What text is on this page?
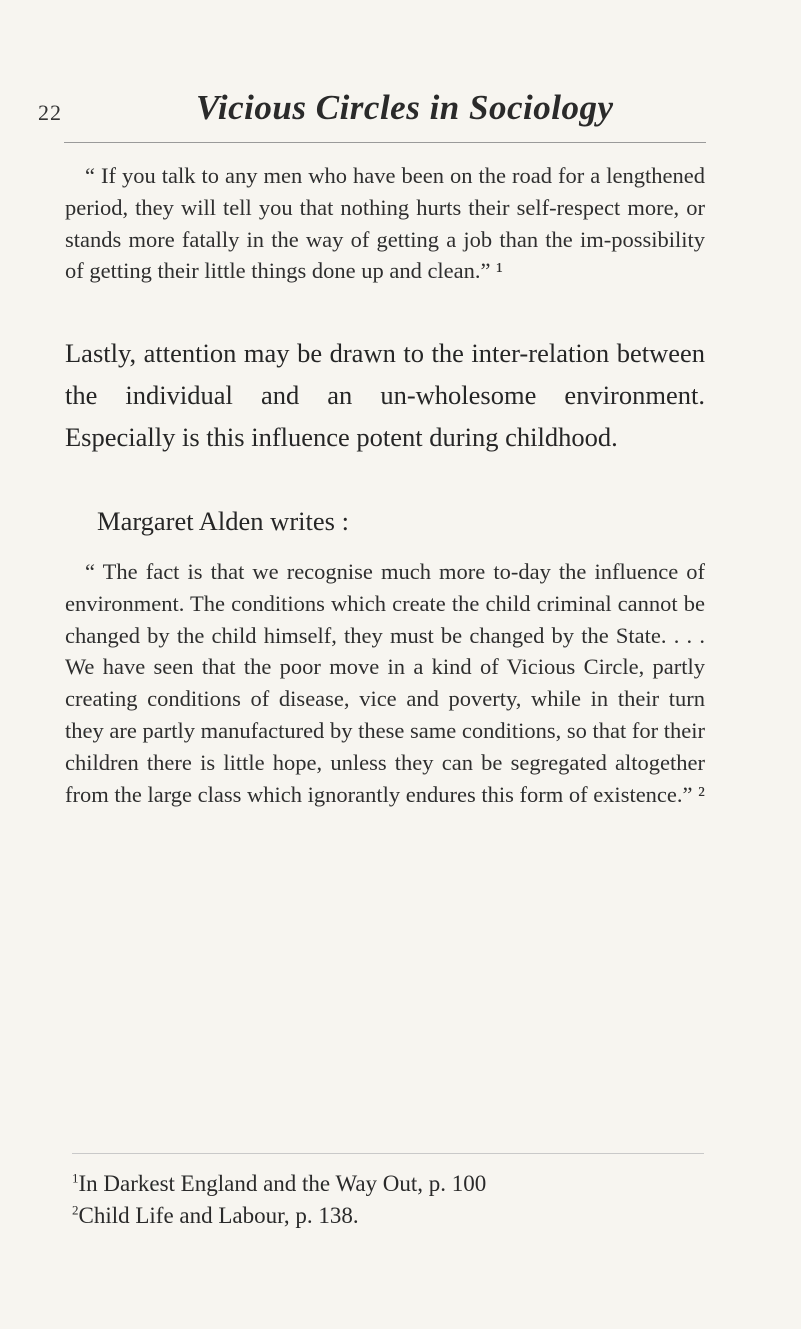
22	Vicious Circles in Sociology
“ If you talk to any men who have been on the road for a lengthened period, they will tell you that nothing hurts their self-respect more, or stands more fatally in the way of getting a job than the im-possibility of getting their little things done up and clean.” ¹
Lastly, attention may be drawn to the inter-relation between the individual and an un-wholesome environment. Especially is this influence potent during childhood.
Margaret Alden writes :
“ The fact is that we recognise much more to-day the influence of environment. The conditions which create the child criminal cannot be changed by the child himself, they must be changed by the State. . . . We have seen that the poor move in a kind of Vicious Circle, partly creating conditions of disease, vice and poverty, while in their turn they are partly manufactured by these same conditions, so that for their children there is little hope, unless they can be segregated altogether from the large class which ignorantly endures this form of existence.” ²
$^1$In Darkest England and the Way Out, p. 100
$^2$Child Life and Labour, p. 138.
